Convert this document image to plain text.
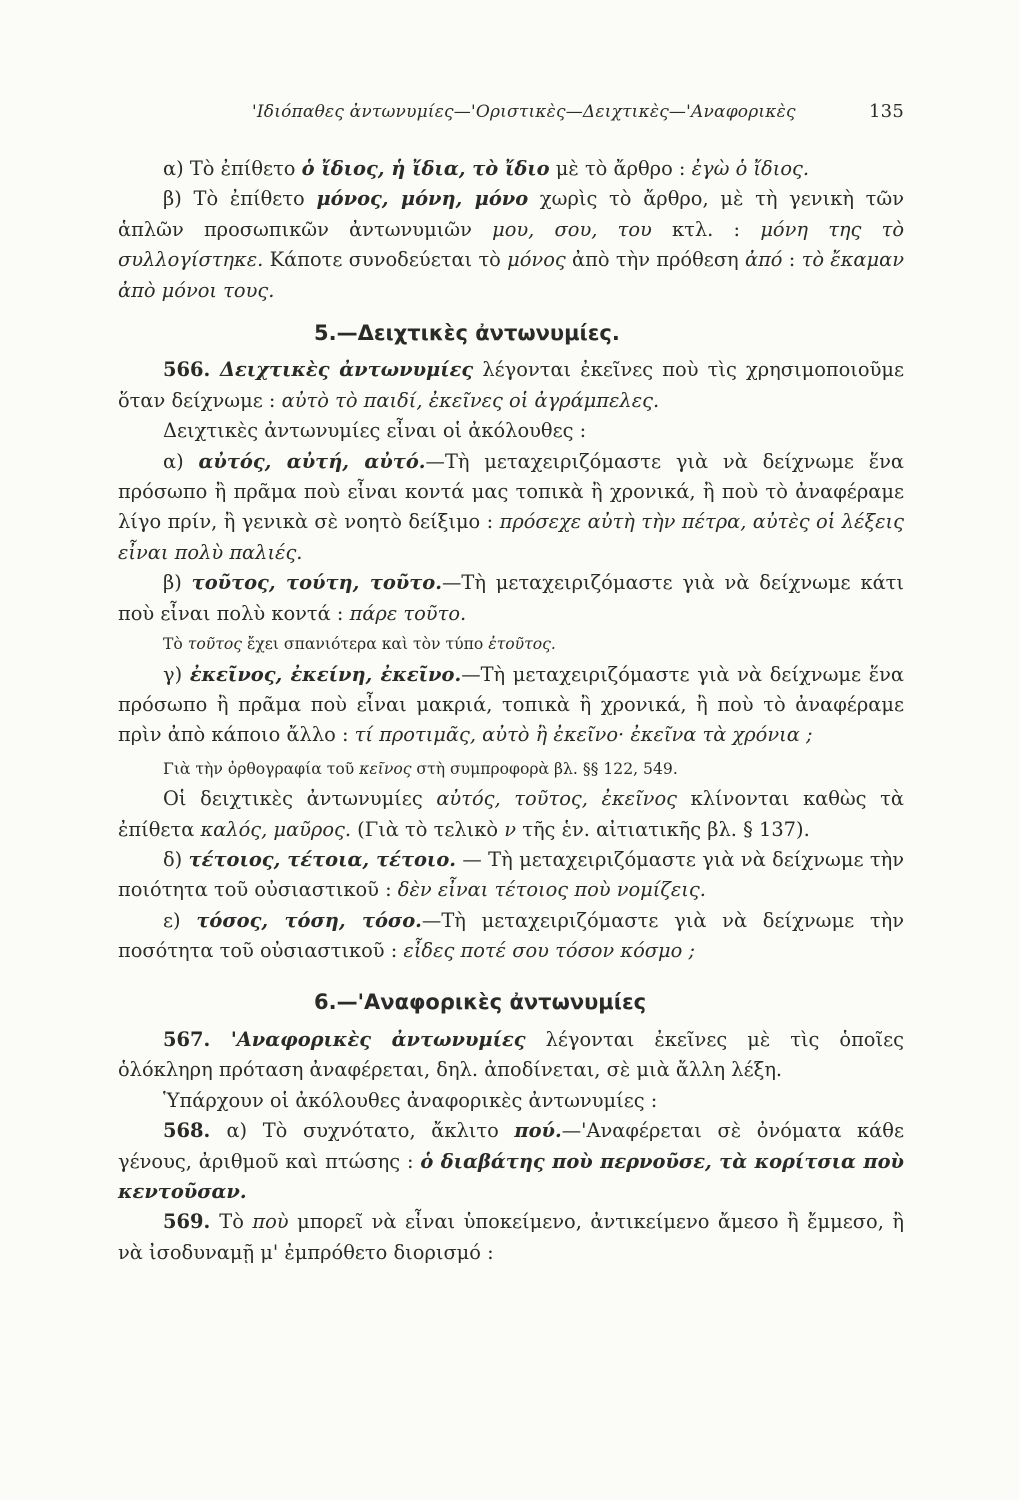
'Ιδιόπαθες ἀντωνυμίες—'Οριστικὲς—Δειχτικὲς—'Αναφορικὲς	135

α) Τὸ ἐπίθετο ὁ ἴδιος, ἡ ἴδια, τὸ ἴδιο μὲ τὸ ἄρθρο : ἐγὼ ὁ ἴδιος.

β) Τὸ ἐπίθετο μόνος, μόνη, μόνο χωρὶς τὸ ἄρθρο, μὲ τὴ γενικὴ τῶν ἁπλῶν προσωπικῶν ἀντωνυμιῶν μου, σου, του κτλ. : μόνη της τὸ συλλογίστηκε. Κάποτε συνοδεύεται τὸ μόνος ἀπὸ τὴν πρόθεση ἀπό : τὸ ἔκαμαν ἀπὸ μόνοι τους.

5.—Δειχτικὲς ἀντωνυμίες.

566. Δειχτικὲς ἀντωνυμίες λέγονται ἐκεῖνες ποὺ τὶς χρησιμοποιοῦμε ὅταν δείχνωμε : αὐτὸ τὸ παιδί, ἐκεῖνες οἱ ἀγράμπελες.

Δειχτικὲς ἀντωνυμίες εἶναι οἱ ἀκόλουθες :

α) αὐτός, αὐτή, αὐτό.—Τὴ μεταχειριζόμαστε γιὰ νὰ δείχνωμε ἕνα πρόσωπο ἢ πρᾶμα ποὺ εἶναι κοντά μας τοπικὰ ἢ χρονικά, ἢ ποὺ τὸ ἀναφέραμε λίγο πρίν, ἢ γενικὰ σὲ νοητὸ δείξιμο : πρόσεχε αὐτὴ τὴν πέτρα, αὐτὲς οἱ λέξεις εἶναι πολὺ παλιές.

β) τοῦτος, τούτη, τοῦτο.—Τὴ μεταχειριζόμαστε γιὰ νὰ δείχνωμε κάτι ποὺ εἶναι πολὺ κοντά : πάρε τοῦτο.

Τὸ τοῦτος ἔχει σπανιότερα καὶ τὸν τύπο ἐτοῦτος.

γ) ἐκεῖνος, ἐκείνη, ἐκεῖνο.—Τὴ μεταχειριζόμαστε γιὰ νὰ δείχνωμε ἕνα πρόσωπο ἢ πρᾶμα ποὺ εἶναι μακριά, τοπικὰ ἢ χρονικά, ἢ ποὺ τὸ ἀναφέραμε πρὶν ἀπὸ κάποιο ἄλλο : τί προτιμᾶς, αὐτὸ ἢ ἐκεῖνο· ἐκεῖνα τὰ χρόνια ;

Γιὰ τὴν ὀρθογραφία τοῦ κεῖνος στὴ συμπροφορὰ βλ. §§ 122, 549.

Οἱ δειχτικὲς ἀντωνυμίες αὐτός, τοῦτος, ἐκεῖνος κλίνονται καθὼς τὰ ἐπίθετα καλός, μαῦρος. (Γιὰ τὸ τελικὸ ν τῆς ἑν. αἰτιατικῆς βλ. § 137).

δ) τέτοιος, τέτοια, τέτοιο. — Τὴ μεταχειριζόμαστε γιὰ νὰ δείχνωμε τὴν ποιότητα τοῦ οὐσιαστικοῦ : δὲν εἶναι τέτοιος ποὺ νομίζεις.

ε) τόσος, τόση, τόσο.—Τὴ μεταχειριζόμαστε γιὰ νὰ δείχνωμε τὴν ποσότητα τοῦ οὐσιαστικοῦ : εἶδες ποτέ σου τόσον κόσμο ;

6.—'Αναφορικὲς ἀντωνυμίες

567. 'Αναφορικὲς ἀντωνυμίες λέγονται ἐκεῖνες μὲ τὶς ὁποῖες ὁλόκληρη πρόταση ἀναφέρεται, δηλ. ἀποδίνεται, σὲ μιὰ ἄλλη λέξη.

Ὑπάρχουν οἱ ἀκόλουθες ἀναφορικὲς ἀντωνυμίες :

568. α) Τὸ συχνότατο, ἄκλιτο πού.—'Αναφέρεται σὲ ὀνόματα κάθε γένους, ἀριθμοῦ καὶ πτώσης : ὁ διαβάτης ποὺ περνοῦσε, τὰ κορίτσια ποὺ κεντοῦσαν.

569. Τὸ ποὺ μπορεῖ νὰ εἶναι ὑποκείμενο, ἀντικείμενο ἄμεσο ἢ ἔμμεσο, ἢ νὰ ἰσοδυναμῇ μ' ἐμπρόθετο διορισμό :
